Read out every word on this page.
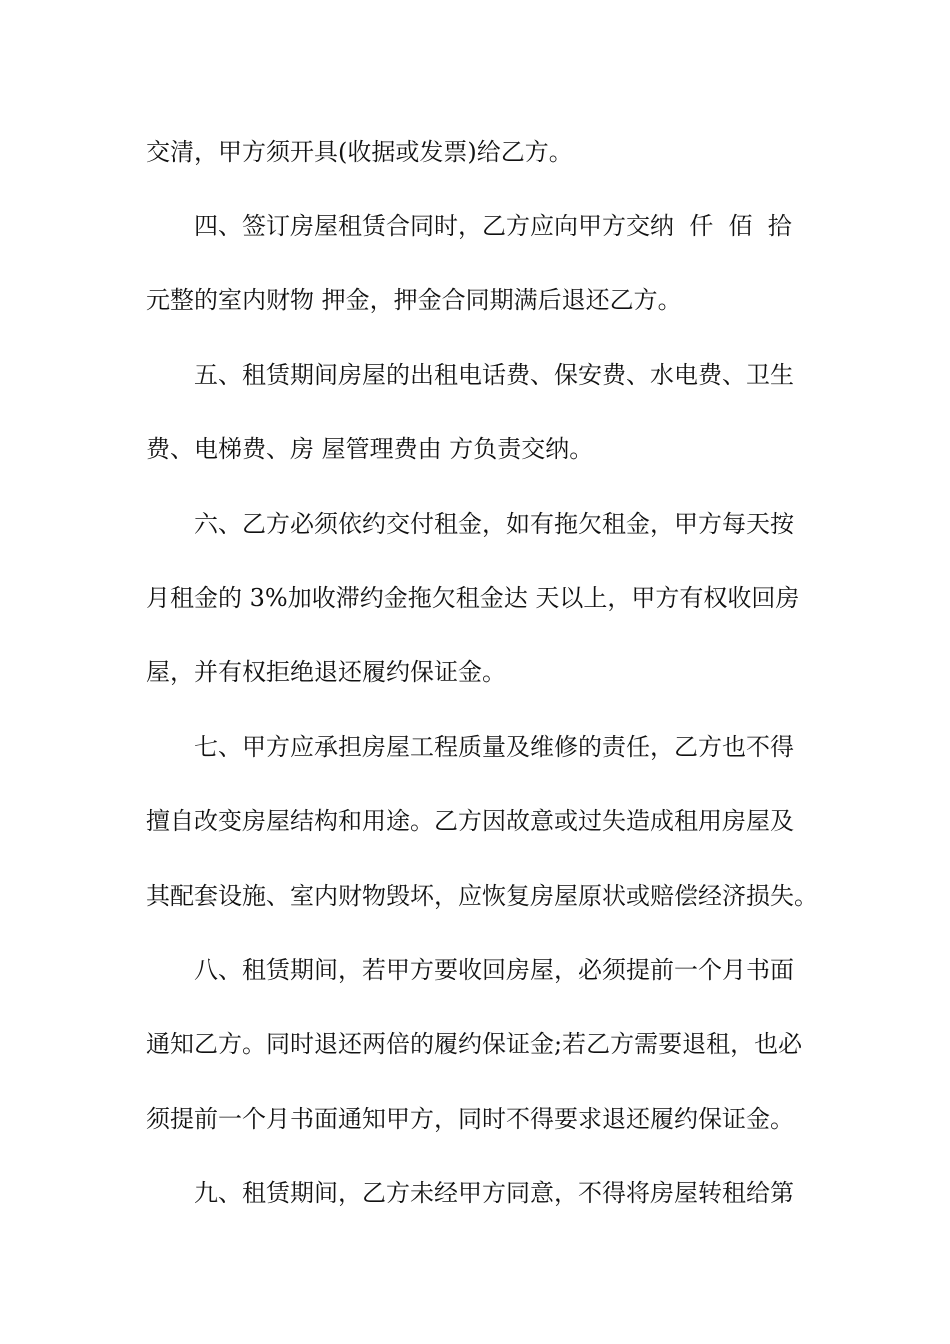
交清，甲方须开具(收据或发票)给乙方。
四、签订房屋租赁合同时，乙方应向甲方交纳  仟  佰  拾
元整的室内财物 押金，押金合同期满后退还乙方。
五、租赁期间房屋的出租电话费、保安费、水电费、卫生
费、电梯费、房 屋管理费由 方负责交纳。
六、乙方必须依约交付租金，如有拖欠租金，甲方每天按
月租金的 3%加收滞约金拖欠租金达 天以上，甲方有权收回房
屋，并有权拒绝退还履约保证金。
七、甲方应承担房屋工程质量及维修的责任，乙方也不得
擅自改变房屋结构和用途。乙方因故意或过失造成租用房屋及
其配套设施、室内财物毁坏，应恢复房屋原状或赔偿经济损失。
八、租赁期间，若甲方要收回房屋，必须提前一个月书面
通知乙方。同时退还两倍的履约保证金;若乙方需要退租，也必
须提前一个月书面通知甲方，同时不得要求退还履约保证金。
九、租赁期间，乙方未经甲方同意，不得将房屋转租给第
